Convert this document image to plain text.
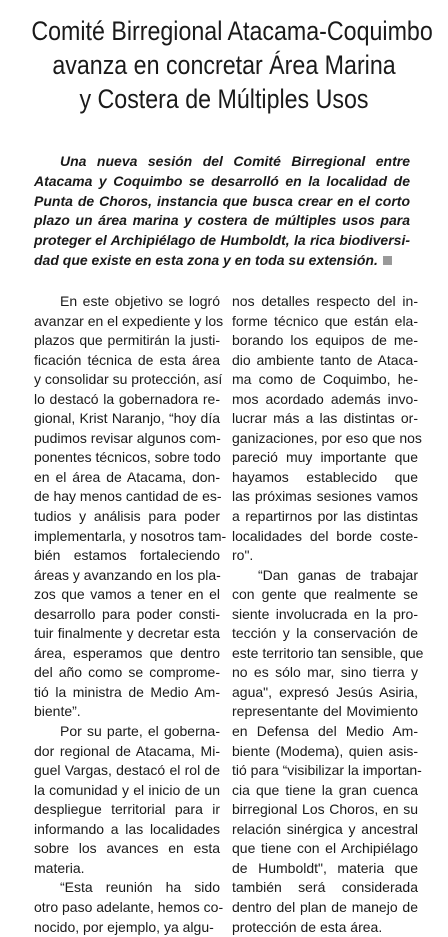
Comité Birregional Atacama-Coquimbo
avanza en concretar Área Marina
y Costera de Múltiples Usos
Una nueva sesión del Comité Birregional entre
Atacama y Coquimbo se desarrolló en la localidad de
Punta de Choros, instancia que busca crear en el corto
plazo un área marina y costera de múltiples usos para
proteger el Archipiélago de Humboldt, la rica biodiversi-
dad que existe en esta zona y en toda su extensión.
En este objetivo se logró
avanzar en el expediente y los
plazos que permitirán la justi-
ficación técnica de esta área
y consolidar su protección, así
lo destacó la gobernadora re-
gional, Krist Naranjo, “hoy día
pudimos revisar algunos com-
ponentes técnicos, sobre todo
en el área de Atacama, don-
de hay menos cantidad de es-
tudios y análisis para poder
implementarla, y nosotros tam-
bién estamos fortaleciendo
áreas y avanzando en los pla-
zos que vamos a tener en el
desarrollo para poder consti-
tuir finalmente y decretar esta
área, esperamos que dentro
del año como se comprome-
tió la ministra de Medio Am-
biente”.
Por su parte, el goberna-
dor regional de Atacama, Mi-
guel Vargas, destacó el rol de
la comunidad y el inicio de un
despliegue territorial para ir
informando a las localidades
sobre los avances en esta
materia.
“Esta reunión ha sido
otro paso adelante, hemos co-
nocido, por ejemplo, ya algu-
nos detalles respecto del in-
forme técnico que están ela-
borando los equipos de me-
dio ambiente tanto de Ataca-
ma como de Coquimbo, he-
mos acordado además invo-
lucrar más a las distintas or-
ganizaciones, por eso que nos
pareció muy importante que
hayamos establecido que
las próximas sesiones vamos
a repartirnos por las distintas
localidades del borde coste-
ro".
“Dan ganas de trabajar
con gente que realmente se
siente involucrada en la pro-
tección y la conservación de
este territorio tan sensible, que
no es sólo mar, sino tierra y
agua", expresó Jesús Asiria,
representante del Movimiento
en Defensa del Medio Am-
biente (Modema), quien asis-
tió para “visibilizar la importan-
cia que tiene la gran cuenca
birregional Los Choros, en su
relación sinérgica y ancestral
que tiene con el Archipiélago
de Humboldt", materia que
también será considerada
dentro del plan de manejo de
protección de esta área.
